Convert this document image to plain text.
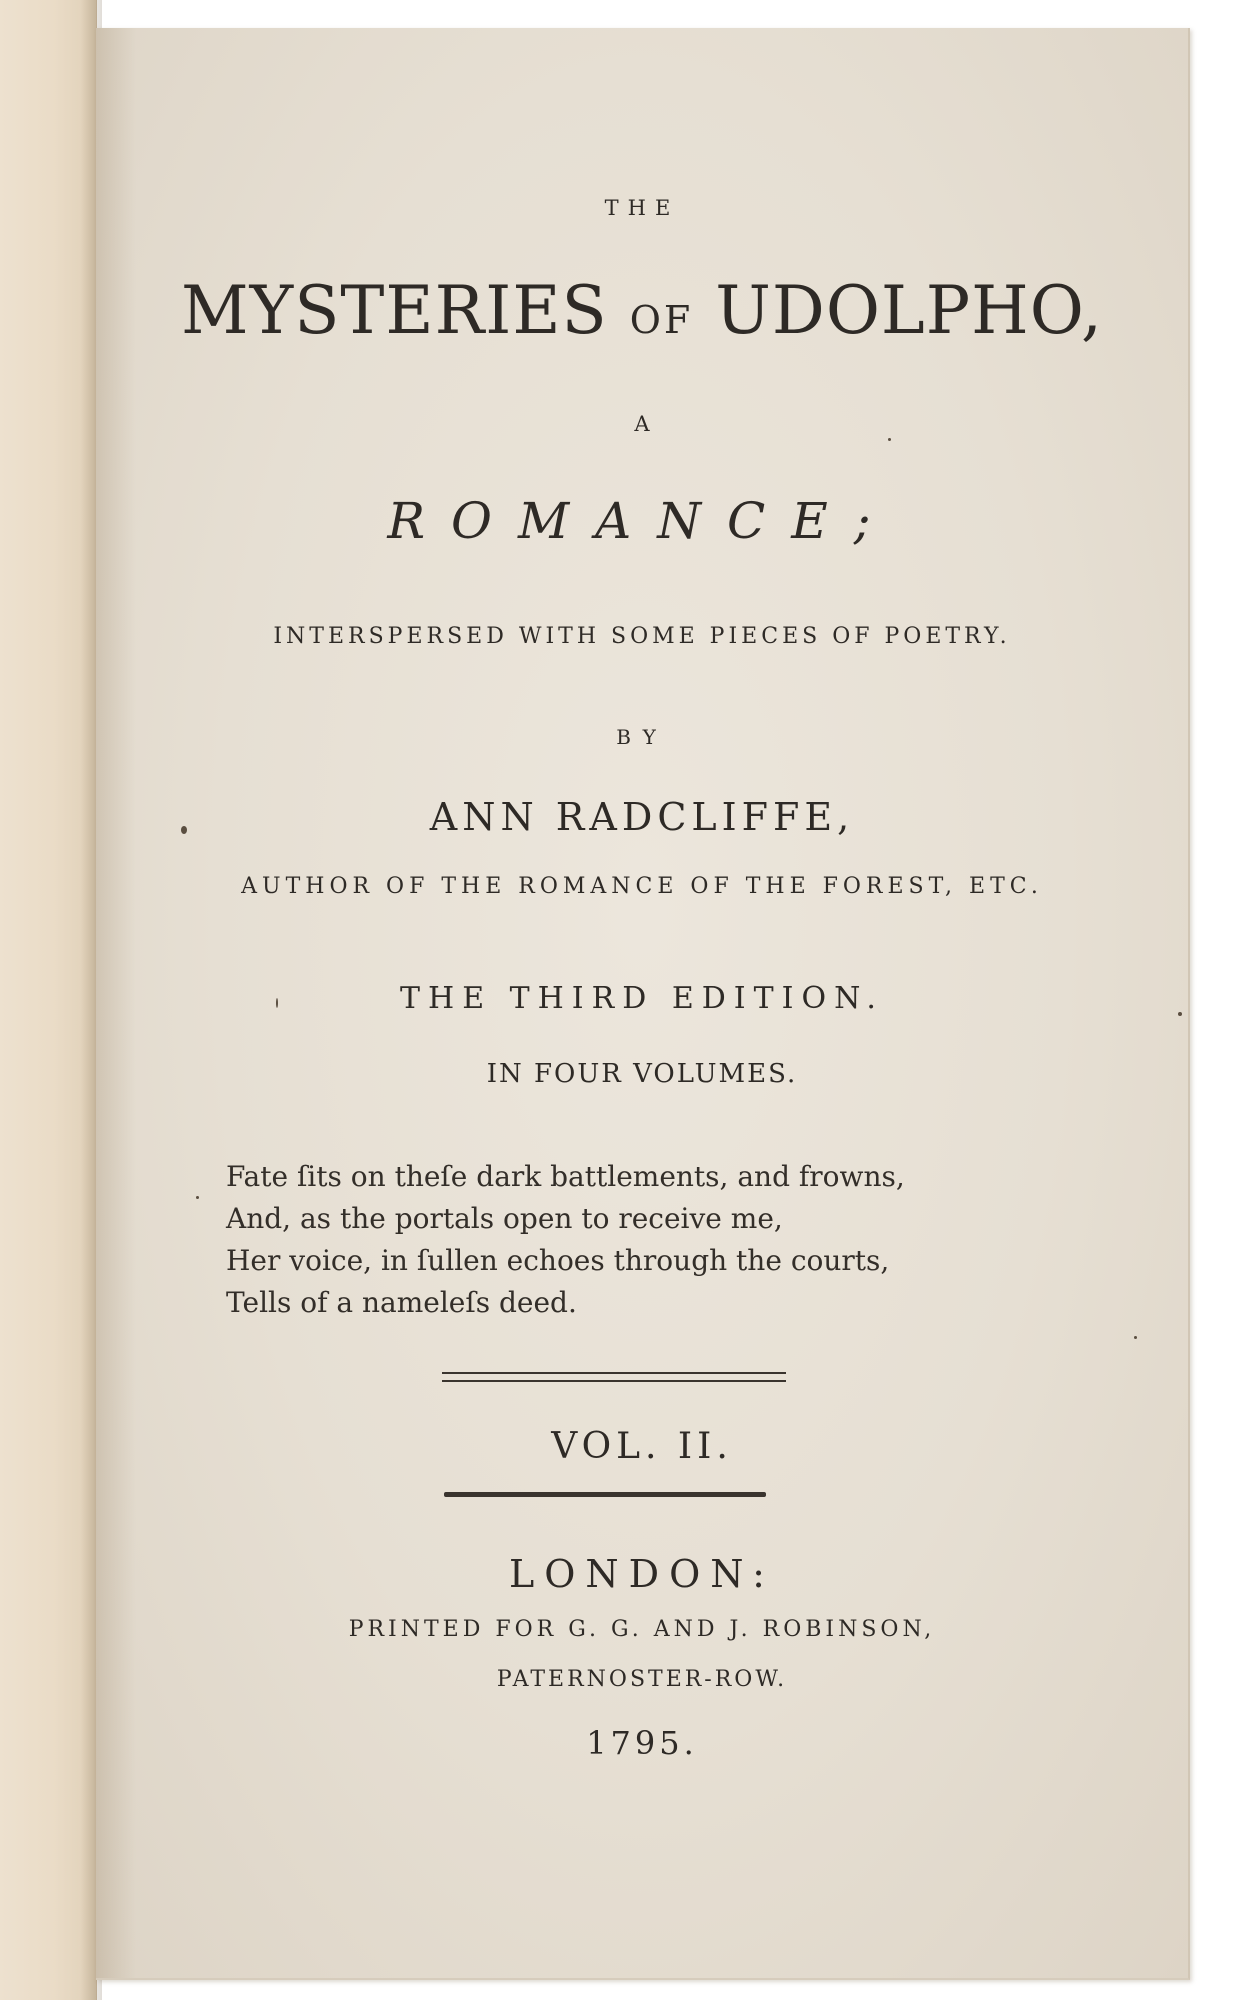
THE

MYSTERIES OF UDOLPHO,

A

ROMANCE;

INTERSPERSED WITH SOME PIECES OF POETRY.

BY

ANN RADCLIFFE,

AUTHOR OF THE ROMANCE OF THE FOREST, ETC.

THE THIRD EDITION.

IN FOUR VOLUMES.

Fate ſits on theſe dark battlements, and frowns,
And, as the portals open to receive me,
Her voice, in ſullen echoes through the courts,
Tells of a nameleſs deed.

VOL. II.

LONDON:

PRINTED FOR G. G. AND J. ROBINSON,

PATERNOSTER-ROW.

1795.
